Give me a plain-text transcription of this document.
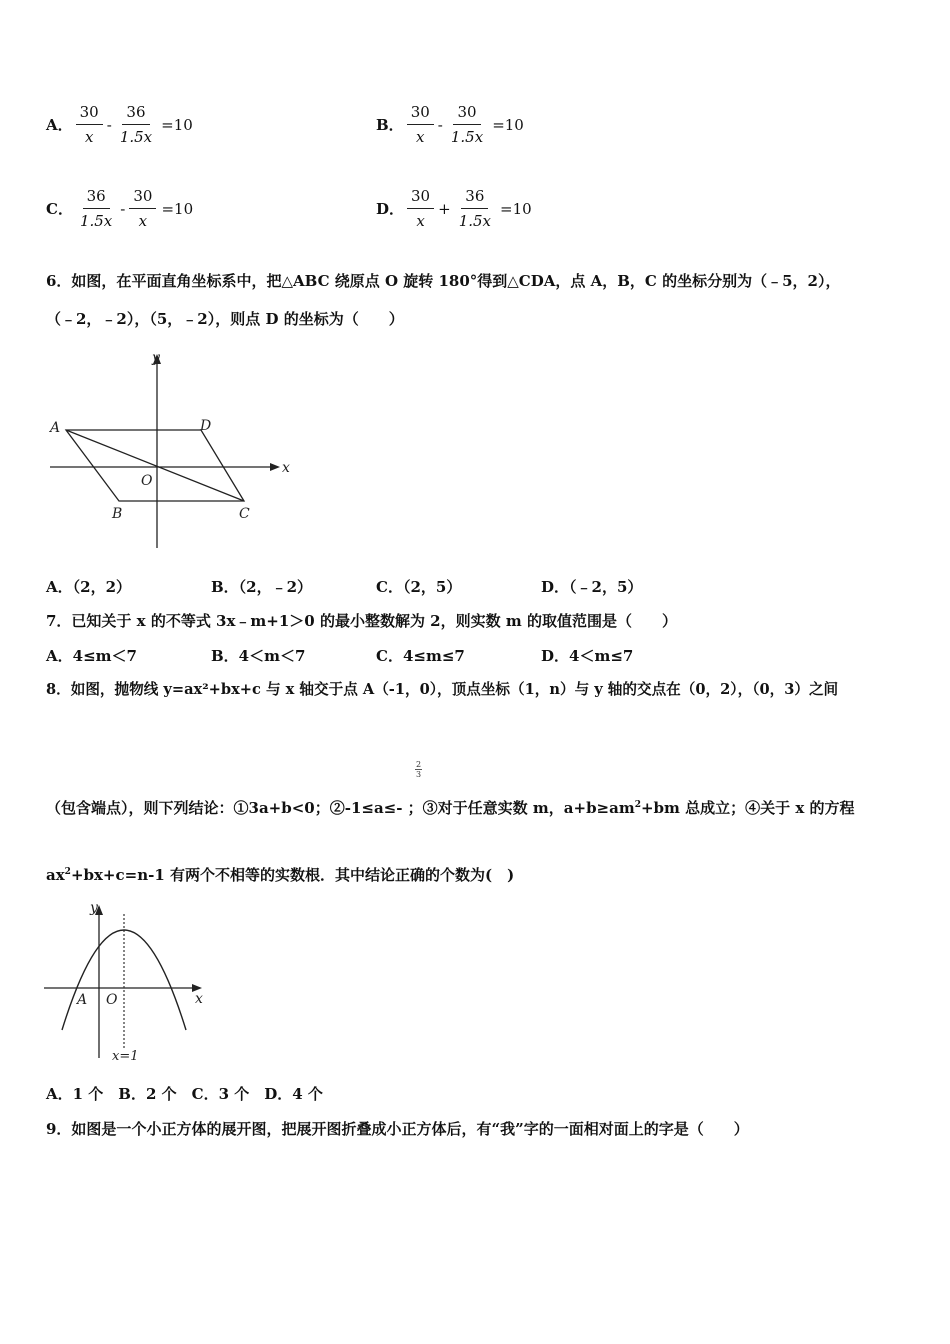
A． $\frac{30}{x} - \frac{36}{1.5x} =10$	B． $\frac{30}{x} - \frac{30}{1.5x} =10$
C． $\frac{36}{1.5x} - \frac{30}{x} =10$	D． $\frac{30}{x} + \frac{36}{1.5x} =10$
6．如图，在平面直角坐标系中，把△ABC 绕原点 O 旋转 180°得到△CDA，点 A，B，C 的坐标分别为（﹣5，2），
（﹣2，﹣2），（5，﹣2），则点 D 的坐标为（　　）
y
x
A	D
O
B	C
A．（2，2）	B．（2，﹣2）	C．（2，5）	D．（﹣2，5）
7．已知关于 x 的不等式 3x﹣m+1＞0 的最小整数解为 2，则实数 m 的取值范围是（　　）
A．4≤m＜7	B．4＜m＜7	C．4≤m≤7	D．4＜m≤7
8．如图，抛物线 y=ax²+bx+c 与 x 轴交于点 A（-1，0），顶点坐标（1，n）与 y 轴的交点在（0，2），（0，3）之间
$\frac{2}{3}$
（包含端点），则下列结论：①3a+b<0；②-1≤a≤- ；③对于任意实数 m，$a+b\ge am^2+bm$ 总成立；④关于 x 的方程
$ax^2+bx+c=n-1$ 有两个不相等的实数根．其中结论正确的个数为(　)
y
A O	x
x=1
A．1 个　B．2 个　C．3 个　D．4 个
9．如图是一个小正方体的展开图，把展开图折叠成小正方体后，有“我”字的一面相对面上的字是（　　）
